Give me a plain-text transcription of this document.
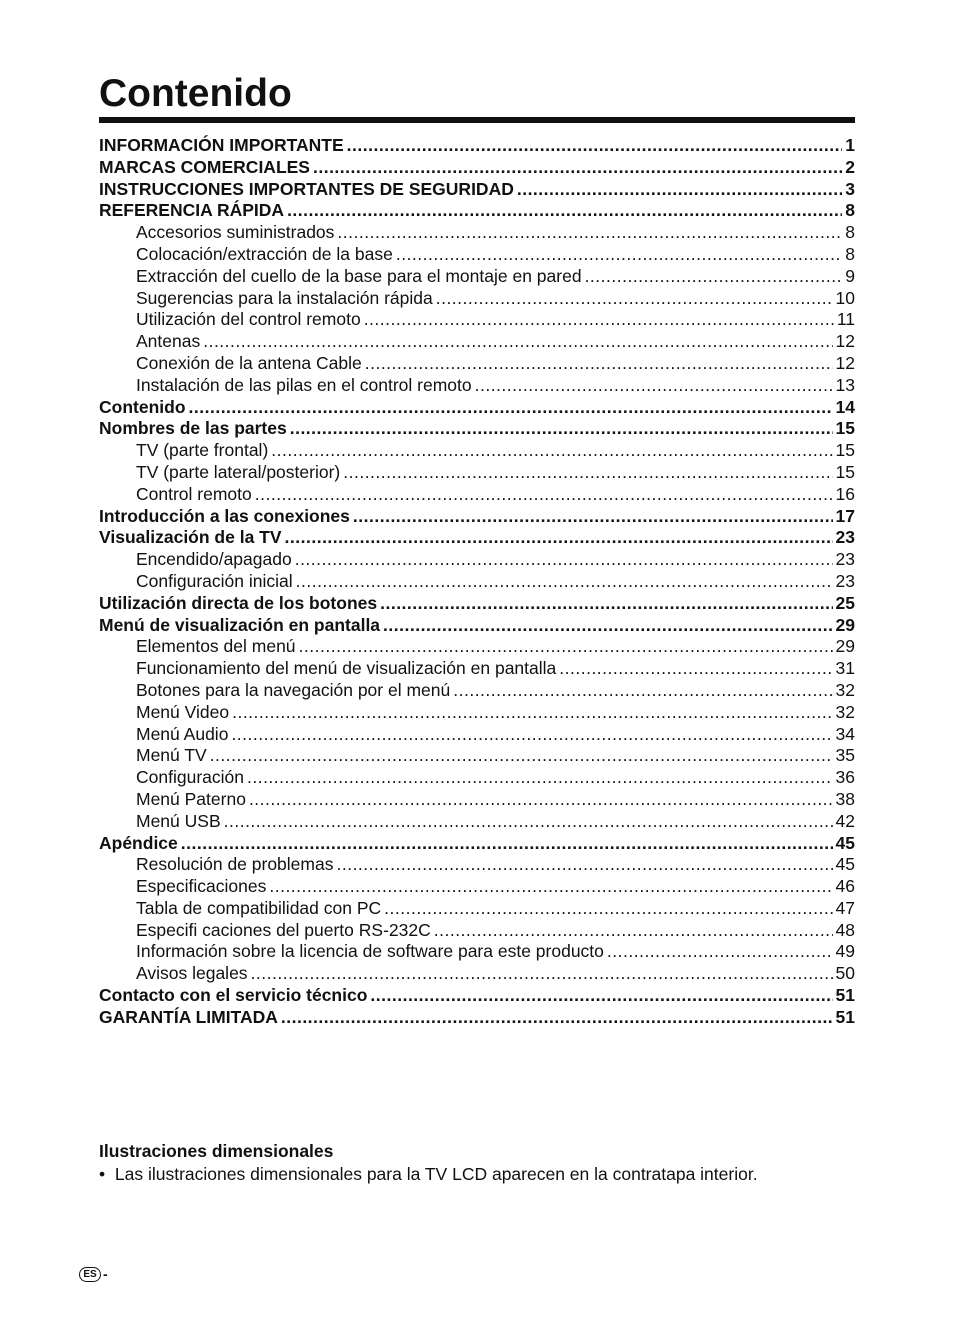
Contenido
INFORMACIÓN IMPORTANTE .....	1
MARCAS COMERCIALES .....	2
INSTRUCCIONES IMPORTANTES DE SEGURIDAD .....	3
REFERENCIA RÁPIDA .....	8
Accesorios suministrados .....	8
Colocación/extracción de la base .....	8
Extracción del cuello de la base para el montaje en pared .....	9
Sugerencias para la instalación rápida .....	10
Utilización del control remoto .....	11
Antenas .....	12
Conexión de la antena Cable .....	12
Instalación de las pilas en el control remoto .....	13
Contenido .....	14
Nombres de las partes .....	15
TV (parte frontal) .....	15
TV (parte lateral/posterior) .....	15
Control remoto .....	16
Introducción a las conexiones .....	17
Visualización de la TV .....	23
Encendido/apagado .....	23
Configuración inicial .....	23
Utilización directa de los botones .....	25
Menú de visualización en pantalla .....	29
Elementos del menú .....	29
Funcionamiento del menú de visualización en pantalla .....	31
Botones para la navegación por el menú .....	32
Menú Video .....	32
Menú Audio .....	34
Menú TV .....	35
Configuración .....	36
Menú Paterno .....	38
Menú USB .....	42
Apéndice .....	45
Resolución de problemas .....	45
Especificaciones .....	46
Tabla de compatibilidad con PC .....	47
Especifi caciones del puerto RS-232C .....	48
Información sobre la licencia de software para este producto .....	49
Avisos legales .....	50
Contacto con el servicio técnico .....	51
GARANTÍA LIMITADA .....	51

Ilustraciones dimensionales

• Las ilustraciones dimensionales para la TV LCD aparecen en la contratapa interior.

ES -
